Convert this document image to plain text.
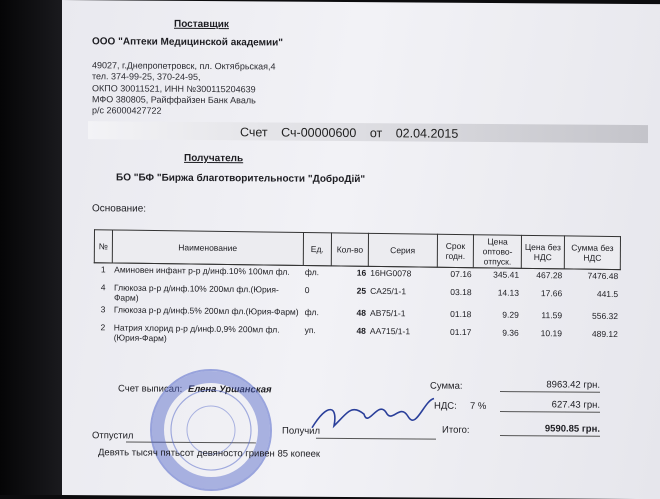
Поставщик
ООО "Аптеки Медицинской академии"
49027, г.Днепропетровск, пл. Октябрьская,4
тел. 374-99-25, 370-24-95,
ОКПО 30011521, ИНН №300115204639
МФО 380805, Райффайзен Банк Аваль
р/с 26000427722
Счет Сч-00000600 от 02.04.2015
Получатель
БО "БФ "Биржа благотворительности "ДоброДій"
Основание:
№	Наименование	Ед.	Кол-во	Серия	Срок годн.	Цена оптово-отпуск.	Цена без НДС	Сумма без НДС
1	Аминовен инфант р-р д/инф.10% 100мл фл.	фл.	16	16HG0078	07.16	345.41	467.28	7476.48
4	Глюкоза р-р д/инф.10% 200мл фл.(Юрия-Фарм)	0	25	CA25/1-1	03.18	14.13	17.66	441.5
3	Глюкоза р-р д/инф.5% 200мл фл.(Юрия-Фарм)	фл.	48	AB75/1-1	01.18	9.29	11.59	556.32
2	Натрия хлорид р-р д/инф.0,9% 200мл фл.(Юрия-Фарм)	уп.	48	AA715/1-1	01.17	9.36	10.19	489.12
Счет выписал: Елена Уршанская	Сумма:	8963.42 грн.
НДС: 7 %	627.43 грн.
Отпустил	Получил	Итого:	9590.85 грн.
Девять тысяч пятьсот девяносто гривен 85 копеек
